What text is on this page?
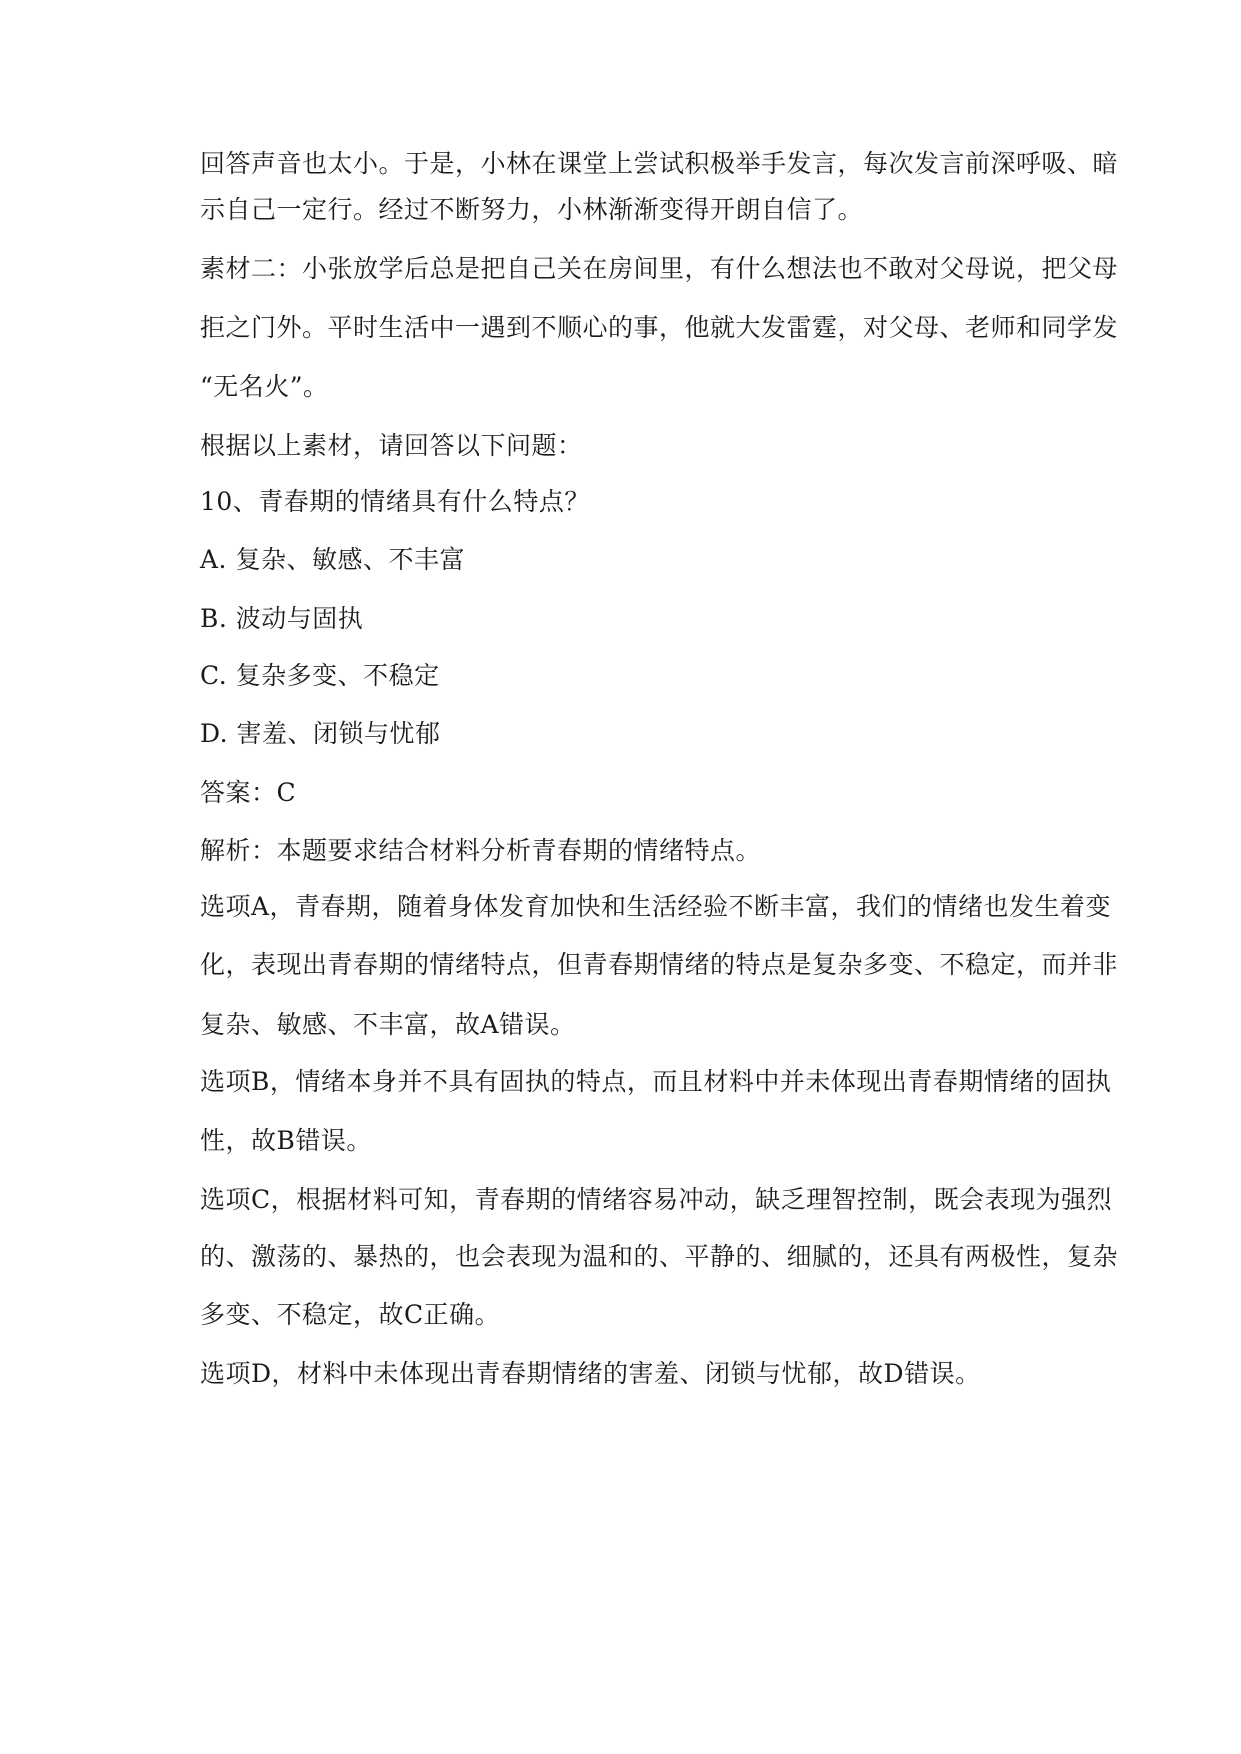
回答声音也太小。于是，小林在课堂上尝试积极举手发言，每次发言前深呼吸、暗
示自己一定行。经过不断努力，小林渐渐变得开朗自信了。
素材二：小张放学后总是把自己关在房间里，有什么想法也不敢对父母说，把父母
拒之门外。平时生活中一遇到不顺心的事，他就大发雷霆，对父母、老师和同学发
“无名火”。
根据以上素材，请回答以下问题：
10、青春期的情绪具有什么特点？
A. 复杂、敏感、不丰富
B. 波动与固执
C. 复杂多变、不稳定
D. 害羞、闭锁与忧郁
答案：C
解析：本题要求结合材料分析青春期的情绪特点。
选项A，青春期，随着身体发育加快和生活经验不断丰富，我们的情绪也发生着变
化，表现出青春期的情绪特点，但青春期情绪的特点是复杂多变、不稳定，而并非
复杂、敏感、不丰富，故A错误。
选项B，情绪本身并不具有固执的特点，而且材料中并未体现出青春期情绪的固执
性，故B错误。
选项C，根据材料可知，青春期的情绪容易冲动，缺乏理智控制，既会表现为强烈
的、激荡的、暴热的，也会表现为温和的、平静的、细腻的，还具有两极性，复杂
多变、不稳定，故C正确。
选项D，材料中未体现出青春期情绪的害羞、闭锁与忧郁，故D错误。
